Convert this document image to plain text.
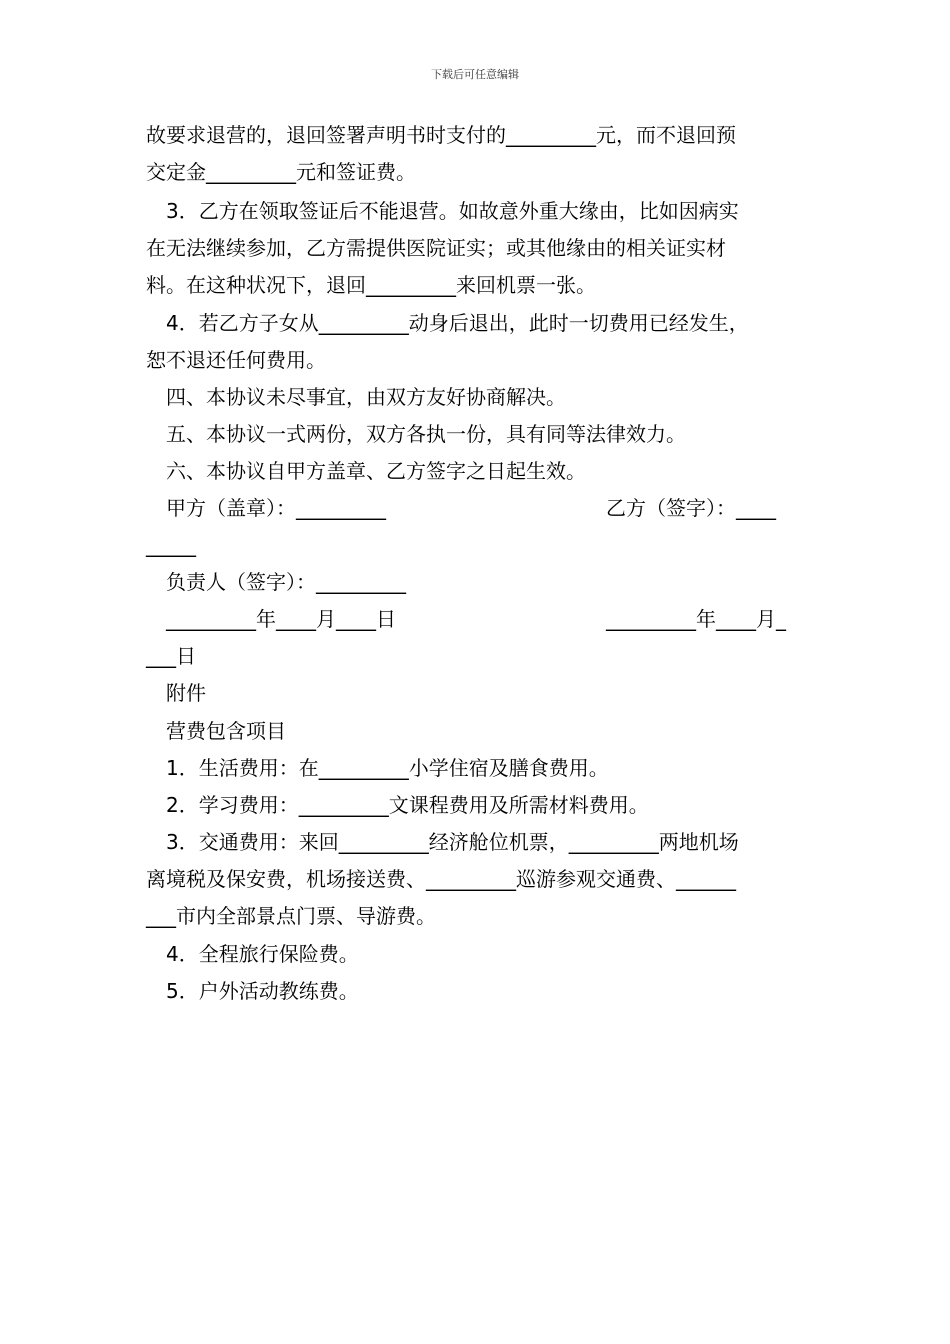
下载后可任意编辑
故要求退营的，退回签署声明书时支付的_________元，而不退回预
交定金_________元和签证费。
3．乙方在领取签证后不能退营。如故意外重大缘由，比如因病实
在无法继续参加，乙方需提供医院证实；或其他缘由的相关证实材
料。在这种状况下，退回_________来回机票一张。
4．若乙方子女从_________动身后退出，此时一切费用已经发生，
恕不退还任何费用。
四、本协议未尽事宜，由双方友好协商解决。
五、本协议一式两份，双方各执一份，具有同等法律效力。
六、本协议自甲方盖章、乙方签字之日起生效。
甲方（盖章）：_________	乙方（签字）：____
_____
负责人（签字）：_________
_________年____月____日	_________年____月_
___日
附件
营费包含项目
1．生活费用：在_________小学住宿及膳食费用。
2．学习费用：_________文课程费用及所需材料费用。
3．交通费用：来回_________经济舱位机票，_________两地机场
离境税及保安费，机场接送费、_________巡游参观交通费、______
___市内全部景点门票、导游费。
4．全程旅行保险费。
5．户外活动教练费。
